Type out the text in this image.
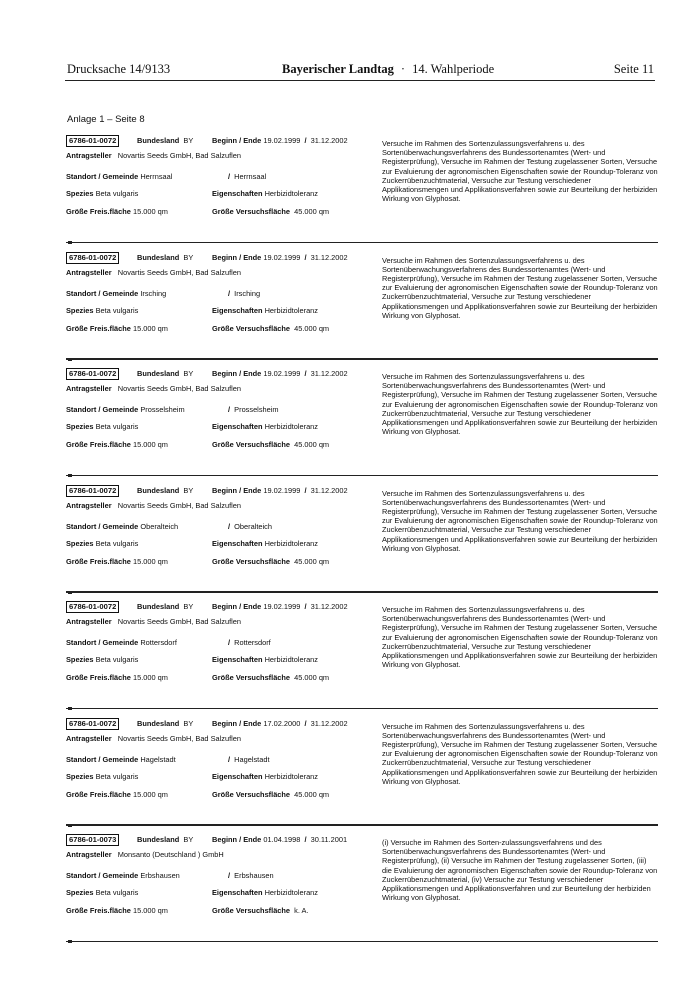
Drucksache 14/9133	Bayerischer Landtag · 14. Wahlperiode	Seite 11
Anlage 1 – Seite 8
6786-01-0072	Bundesland BY	Beginn / Ende 19.02.1999 / 31.12.2002
Antragsteller Novartis Seeds GmbH, Bad Salzuflen
Standort / Gemeinde Herrnsaal	/ Herrnsaal
Spezies Beta vulgaris	Eigenschaften Herbizidtoleranz
Größe Freis.fläche 15.000 qm	Größe Versuchsfläche 45.000 qm
Versuche im Rahmen des Sortenzulassungsverfahrens u. des Sortenüberwachungsverfahrens des Bundessortenamtes (Wert- und Registerprüfung), Versuche im Rahmen der Testung zugelassener Sorten, Versuche zur Evaluierung der agronomischen Eigenschaften sowie der Roundup-Toleranz von Zuckerrübenzuchtmaterial, Versuche zur Testung verschiedener Applikationsmengen und Applikationsverfahren sowie zur Beurteilung der herbiziden Wirkung von Glyphosat.
6786-01-0072	Bundesland BY	Beginn / Ende 19.02.1999 / 31.12.2002
Antragsteller Novartis Seeds GmbH, Bad Salzuflen
Standort / Gemeinde Irsching	/ Irsching
Spezies Beta vulgaris	Eigenschaften Herbizidtoleranz
Größe Freis.fläche 15.000 qm	Größe Versuchsfläche 45.000 qm
Versuche im Rahmen des Sortenzulassungsverfahrens u. des Sortenüberwachungsverfahrens des Bundessortenamtes (Wert- und Registerprüfung), Versuche im Rahmen der Testung zugelassener Sorten, Versuche zur Evaluierung der agronomischen Eigenschaften sowie der Roundup-Toleranz von Zuckerrübenzuchtmaterial, Versuche zur Testung verschiedener Applikationsmengen und Applikationsverfahren sowie zur Beurteilung der herbiziden Wirkung von Glyphosat.
6786-01-0072	Bundesland BY	Beginn / Ende 19.02.1999 / 31.12.2002
Antragsteller Novartis Seeds GmbH, Bad Salzuflen
Standort / Gemeinde Prosselsheim	/ Prosselsheim
Spezies Beta vulgaris	Eigenschaften Herbizidtoleranz
Größe Freis.fläche 15.000 qm	Größe Versuchsfläche 45.000 qm
Versuche im Rahmen des Sortenzulassungsverfahrens u. des Sortenüberwachungsverfahrens des Bundessortenamtes (Wert- und Registerprüfung), Versuche im Rahmen der Testung zugelassener Sorten, Versuche zur Evaluierung der agronomischen Eigenschaften sowie der Roundup-Toleranz von Zuckerrübenzuchtmaterial, Versuche zur Testung verschiedener Applikationsmengen und Applikationsverfahren sowie zur Beurteilung der herbiziden Wirkung von Glyphosat.
6786-01-0072	Bundesland BY	Beginn / Ende 19.02.1999 / 31.12.2002
Antragsteller Novartis Seeds GmbH, Bad Salzuflen
Standort / Gemeinde Oberalteich	/ Oberalteich
Spezies Beta vulgaris	Eigenschaften Herbizidtoleranz
Größe Freis.fläche 15.000 qm	Größe Versuchsfläche 45.000 qm
Versuche im Rahmen des Sortenzulassungsverfahrens u. des Sortenüberwachungsverfahrens des Bundessortenamtes (Wert- und Registerprüfung), Versuche im Rahmen der Testung zugelassener Sorten, Versuche zur Evaluierung der agronomischen Eigenschaften sowie der Roundup-Toleranz von Zuckerrübenzuchtmaterial, Versuche zur Testung verschiedener Applikationsmengen und Applikationsverfahren sowie zur Beurteilung der herbiziden Wirkung von Glyphosat.
6786-01-0072	Bundesland BY	Beginn / Ende 19.02.1999 / 31.12.2002
Antragsteller Novartis Seeds GmbH, Bad Salzuflen
Standort / Gemeinde Rottersdorf	/ Rottersdorf
Spezies Beta vulgaris	Eigenschaften Herbizidtoleranz
Größe Freis.fläche 15.000 qm	Größe Versuchsfläche 45.000 qm
Versuche im Rahmen des Sortenzulassungsverfahrens u. des Sortenüberwachungsverfahrens des Bundessortenamtes (Wert- und Registerprüfung), Versuche im Rahmen der Testung zugelassener Sorten, Versuche zur Evaluierung der agronomischen Eigenschaften sowie der Roundup-Toleranz von Zuckerrübenzuchtmaterial, Versuche zur Testung verschiedener Applikationsmengen und Applikationsverfahren sowie zur Beurteilung der herbiziden Wirkung von Glyphosat.
6786-01-0072	Bundesland BY	Beginn / Ende 17.02.2000 / 31.12.2002
Antragsteller Novartis Seeds GmbH, Bad Salzuflen
Standort / Gemeinde Hagelstadt	/ Hagelstadt
Spezies Beta vulgaris	Eigenschaften Herbizidtoleranz
Größe Freis.fläche 15.000 qm	Größe Versuchsfläche 45.000 qm
Versuche im Rahmen des Sortenzulassungsverfahrens u. des Sortenüberwachungsverfahrens des Bundessortenamtes (Wert- und Registerprüfung), Versuche im Rahmen der Testung zugelassener Sorten, Versuche zur Evaluierung der agronomischen Eigenschaften sowie der Roundup-Toleranz von Zuckerrübenzuchtmaterial, Versuche zur Testung verschiedener Applikationsmengen und Applikationsverfahren sowie zur Beurteilung der herbiziden Wirkung von Glyphosat.
6786-01-0073	Bundesland BY	Beginn / Ende 01.04.1998 / 30.11.2001
Antragsteller Monsanto (Deutschland ) GmbH
Standort / Gemeinde Erbshausen	/ Erbshausen
Spezies Beta vulgaris	Eigenschaften Herbizidtoleranz
Größe Freis.fläche 15.000 qm	Größe Versuchsfläche k. A.
(i) Versuche im Rahmen des Sorten-zulassungsverfahrens und des Sortenüberwachungsverfahrens des Bundessortenamtes (Wert- und Registerprüfung), (ii) Versuche im Rahmen der Testung zugelassener Sorten, (iii) die Evaluierung der agronomischen Eigenschaften sowie der Roundup-Toleranz von Zuckerrübenzuchtmaterial, (iv) Versuche zur Testung verschiedener Applikationsmengen und Applikationsverfahren und zur Beurteilung der herbiziden Wirkung von Glyphosat.
